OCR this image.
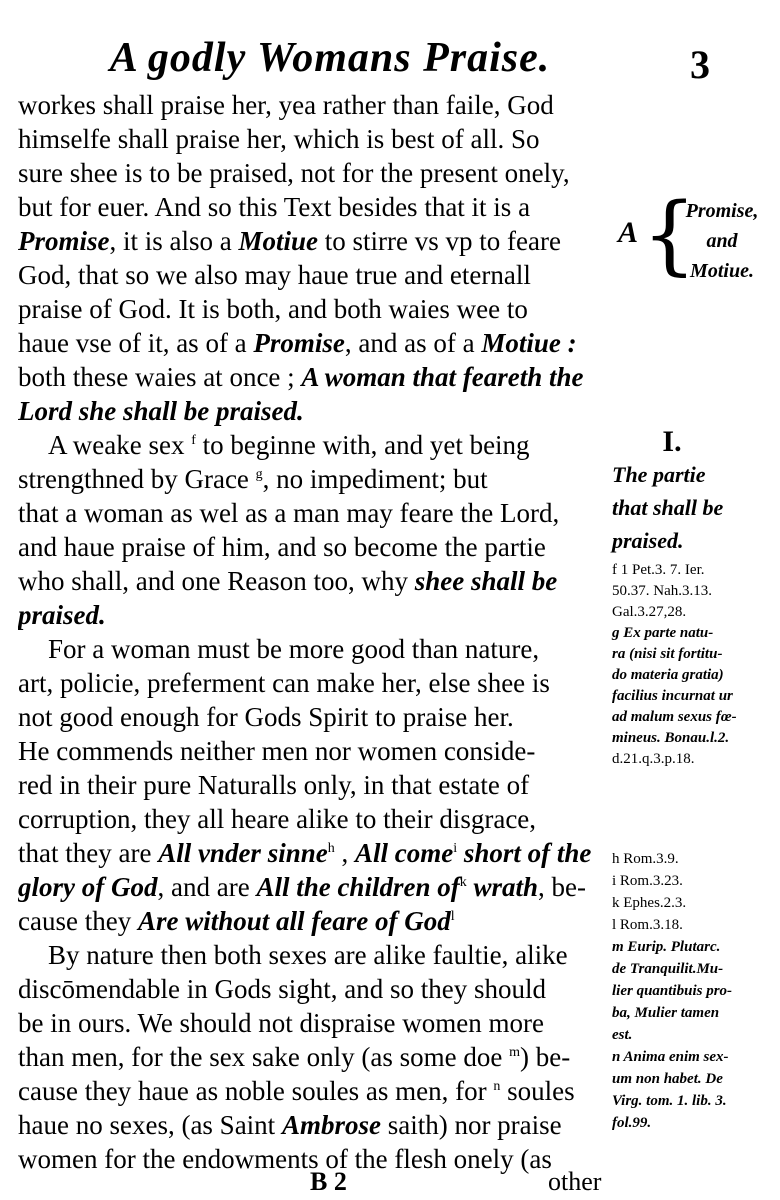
A godly Womans Praise.	3
workes shall praise her, yea rather than faile, God
himselfe shall praise her, which is best of all. So
sure shee is to be praised, not for the present onely,
but for euer. And so this Text besides that it is a
Promise, it is also a Motiue to stirre vs vp to feare
God, that so we also may haue true and eternall
praise of God. It is both, and both waies wee to
haue vse of it, as of a Promise, and as of a Motiue :
both these waies at once ; A woman that feareth the
Lord she shall be praised.
A weake sex $^f$ to beginne with, and yet being
strengthned by Grace $^g$, no impediment; but
that a woman as wel as a man may feare the Lord,
and haue praise of him, and so become the partie
who shall, and one Reason too, why shee shall be
praised.
For a woman must be more good than nature,
art, policie, preferment can make her, else shee is
not good enough for Gods Spirit to praise her.
He commends neither men nor women conside-
red in their pure Naturalls only, in that estate of
corruption, they all heare alike to their disgrace,
that they are All vnder sinne$^h$ , All come$^i$ short of the
glory of God, and are All the children $of^k$ wrath, be-
cause they Are without all feare of God$^l$
By nature then both sexes are alike faultie, alike
discōmendable in Gods sight, and so they should
be in ours. We should not dispraise women more
than men, for the sex sake only (as some doe $^m$) be-
cause they haue as noble soules as men, for $^n$ soules
haue no sexes, (as Saint Ambrose saith) nor praise
women for the endowments of the flesh onely (as
A {
Promise,
and
Motiue.
I.
The partie
that shall be
praised.
f 1 Pet.3. 7. Ier.
50.37. Nah.3.13.
Gal.3.27,28.
g Ex parte natu-
ra (nisi sit fortitu-
do materia gratia)
facilius incurnat ur
ad malum sexus fœ-
mineus. Bonau.l.2.
d.21.q.3.p.18.
h Rom.3.9.
i Rom.3.23.
k Ephes.2.3.
l Rom.3.18.
m Eurip. Plutarc.
de Tranquilit.Mu-
lier quantibuis pro-
ba, Mulier tamen
est.
n Anima enim sex-
um non habet. De
Virg. tom. 1. lib. 3.
fol.99.
B 2	other
